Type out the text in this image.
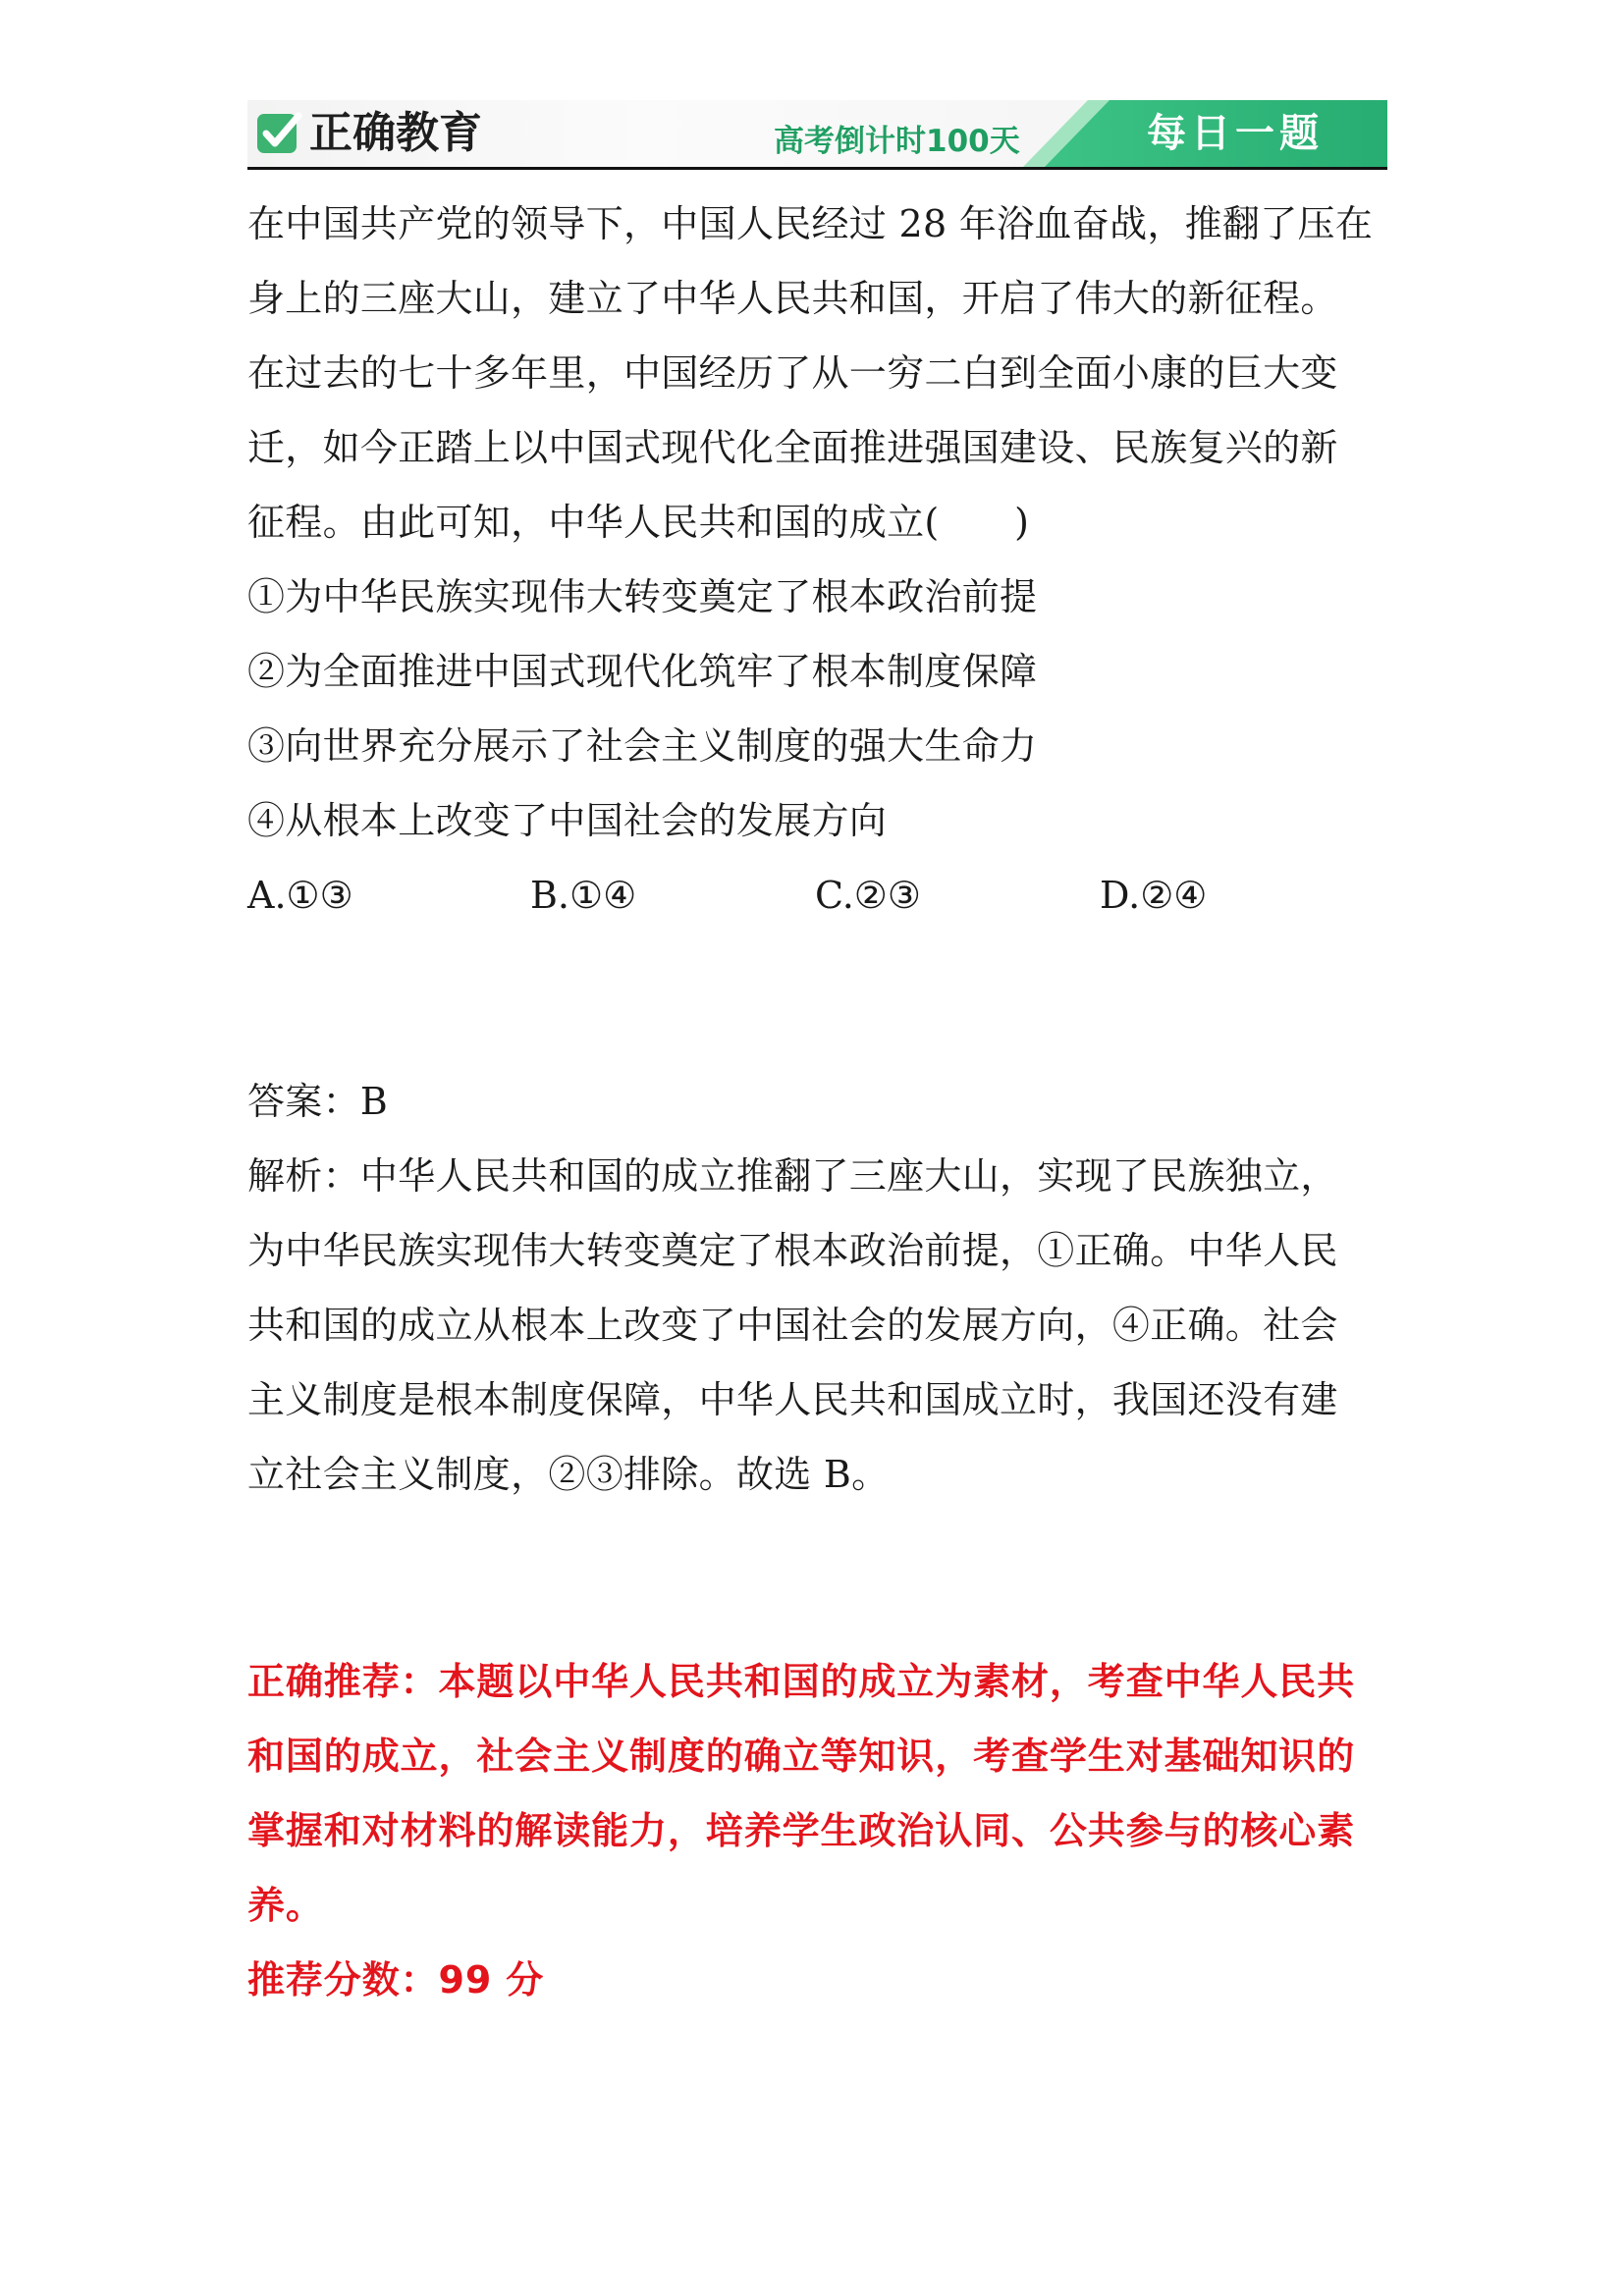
正确教育	高考倒计时100天	每日一题
在中国共产党的领导下，中国人民经过 28 年浴血奋战，推翻了压在
身上的三座大山，建立了中华人民共和国，开启了伟大的新征程。
在过去的七十多年里，中国经历了从一穷二白到全面小康的巨大变
迁，如今正踏上以中国式现代化全面推进强国建设、民族复兴的新
征程。由此可知，中华人民共和国的成立(　　)
①为中华民族实现伟大转变奠定了根本政治前提
②为全面推进中国式现代化筑牢了根本制度保障
③向世界充分展示了社会主义制度的强大生命力
④从根本上改变了中国社会的发展方向
A.①③	B.①④	C.②③	D.②④
答案：B
解析：中华人民共和国的成立推翻了三座大山，实现了民族独立，
为中华民族实现伟大转变奠定了根本政治前提，①正确。中华人民
共和国的成立从根本上改变了中国社会的发展方向，④正确。社会
主义制度是根本制度保障，中华人民共和国成立时，我国还没有建
立社会主义制度，②③排除。故选 B。
正确推荐：本题以中华人民共和国的成立为素材，考查中华人民共
和国的成立，社会主义制度的确立等知识，考查学生对基础知识的
掌握和对材料的解读能力，培养学生政治认同、公共参与的核心素
养。
推荐分数：99 分
